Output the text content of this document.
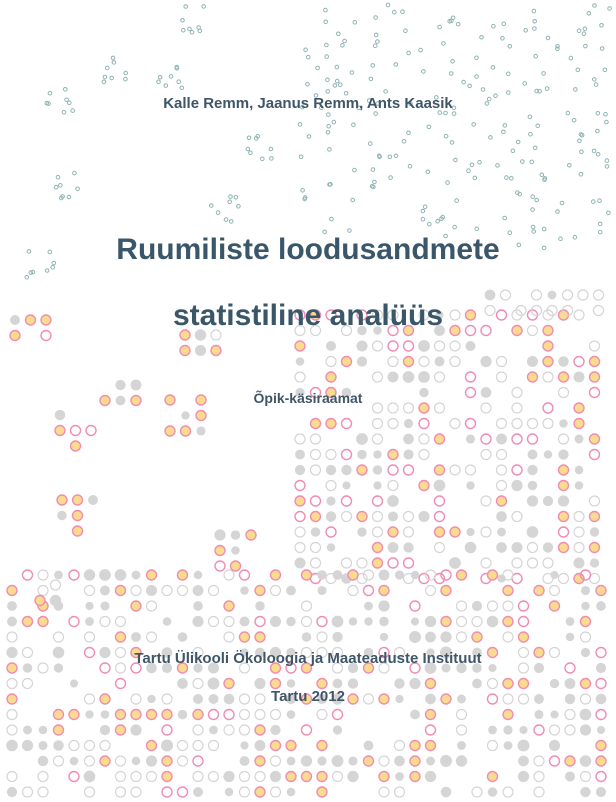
Kalle Remm, Jaanus Remm, Ants Kaasik
Ruumiliste loodusandmete
statistiline analüüs
Õpik-käsiraamat
Tartu Ülikooli Ökoloogia ja Maateaduste Instituut
Tartu 2012
